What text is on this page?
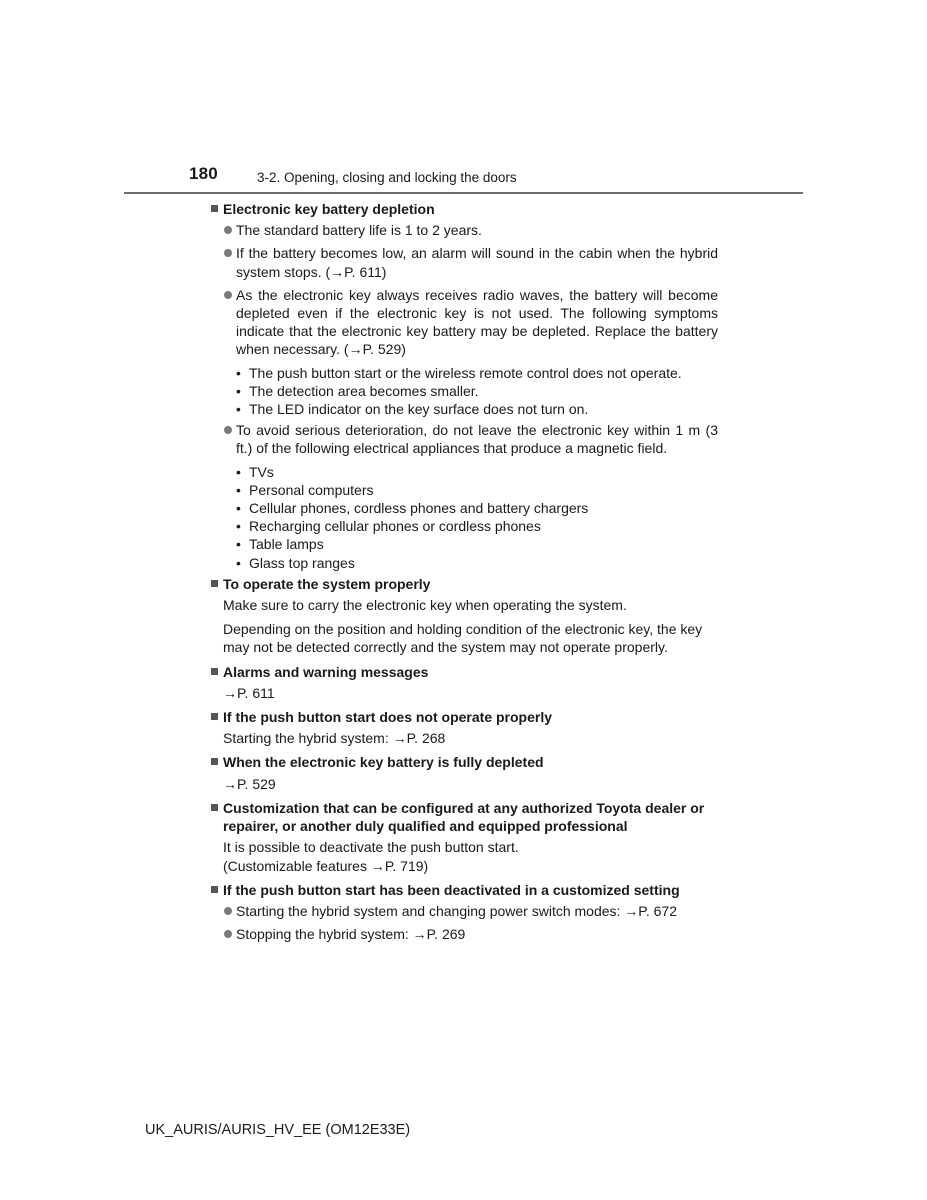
180	3-2. Opening, closing and locking the doors
Electronic key battery depletion
The standard battery life is 1 to 2 years.
If the battery becomes low, an alarm will sound in the cabin when the hybrid system stops. (→P. 611)
As the electronic key always receives radio waves, the battery will become depleted even if the electronic key is not used. The following symptoms indicate that the electronic key battery may be depleted. Replace the battery when necessary. (→P. 529)
• The push button start or the wireless remote control does not operate.
• The detection area becomes smaller.
• The LED indicator on the key surface does not turn on.
To avoid serious deterioration, do not leave the electronic key within 1 m (3 ft.) of the following electrical appliances that produce a magnetic field.
• TVs
• Personal computers
• Cellular phones, cordless phones and battery chargers
• Recharging cellular phones or cordless phones
• Table lamps
• Glass top ranges
To operate the system properly
Make sure to carry the electronic key when operating the system.
Depending on the position and holding condition of the electronic key, the key may not be detected correctly and the system may not operate properly.
Alarms and warning messages
→P. 611
If the push button start does not operate properly
Starting the hybrid system: →P. 268
When the electronic key battery is fully depleted
→P. 529
Customization that can be configured at any authorized Toyota dealer or repairer, or another duly qualified and equipped professional
It is possible to deactivate the push button start.
(Customizable features →P. 719)
If the push button start has been deactivated in a customized setting
Starting the hybrid system and changing power switch modes: →P. 672
Stopping the hybrid system: →P. 269
UK_AURIS/AURIS_HV_EE (OM12E33E)
